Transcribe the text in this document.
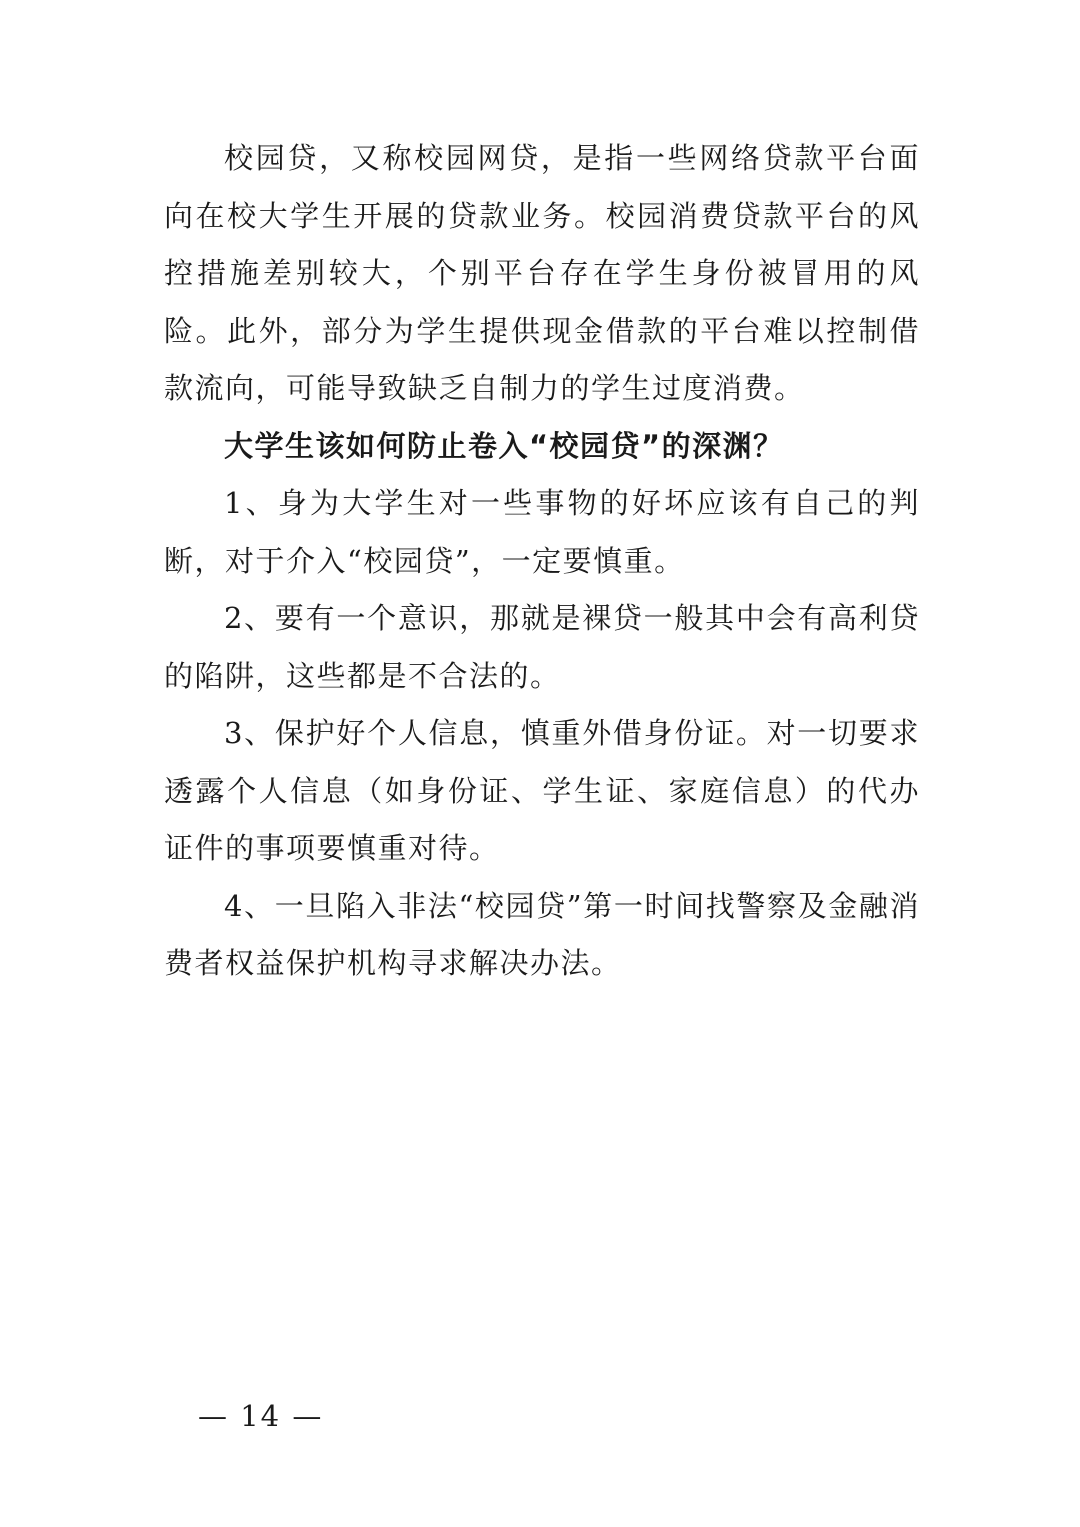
校园贷，又称校园网贷，是指一些网络贷款平台面向在校大学生开展的贷款业务。校园消费贷款平台的风控措施差别较大，个别平台存在学生身份被冒用的风险。此外，部分为学生提供现金借款的平台难以控制借款流向，可能导致缺乏自制力的学生过度消费。

大学生该如何防止卷入“校园贷”的深渊？

1、身为大学生对一些事物的好坏应该有自己的判断，对于介入“校园贷”，一定要慎重。

2、要有一个意识，那就是裸贷一般其中会有高利贷的陷阱，这些都是不合法的。

3、保护好个人信息，慎重外借身份证。对一切要求透露个人信息（如身份证、学生证、家庭信息）的代办证件的事项要慎重对待。

4、一旦陷入非法“校园贷”第一时间找警察及金融消费者权益保护机构寻求解决办法。

— 14 —
